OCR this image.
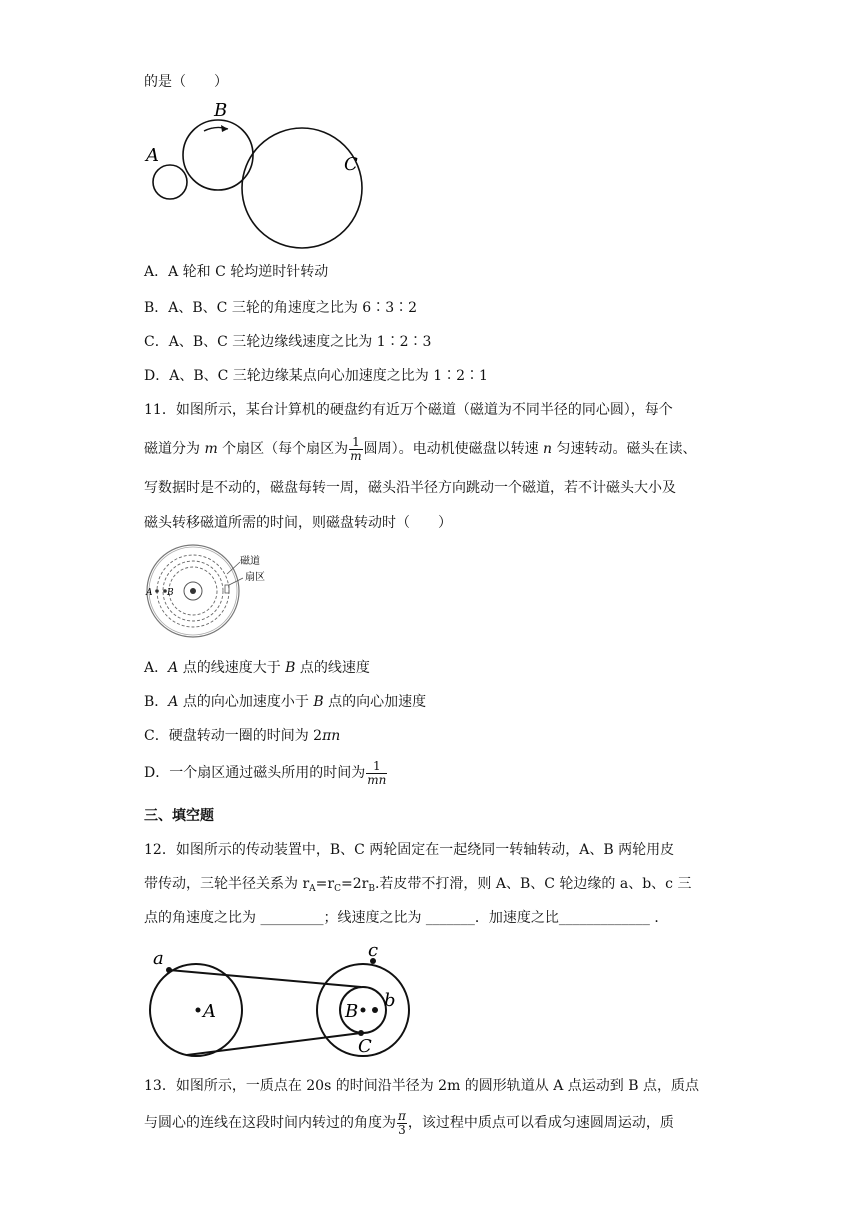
的是（　　）
A
B
C
A．A 轮和 C 轮均逆时针转动
B．A、B、C 三轮的角速度之比为 6∶3∶2
C．A、B、C 三轮边缘线速度之比为 1∶2∶3
D．A、B、C 三轮边缘某点向心加速度之比为 1∶2∶1
11．如图所示，某台计算机的硬盘约有近万个磁道（磁道为不同半径的同心圆），每个
磁道分为 m 个扇区（每个扇区为 $\frac{1}{m}$ 圆周）。电动机使磁盘以转速 n 匀速转动。磁头在读、
写数据时是不动的，磁盘每转一周，磁头沿半径方向跳动一个磁道，若不计磁头大小及
磁头转移磁道所需的时间，则磁盘转动时（　　）
磁道
扇区
A B
A．A 点的线速度大于 B 点的线速度
B．A 点的向心加速度小于 B 点的向心加速度
C．硬盘转动一圈的时间为 2πn
D．一个扇区通过磁头所用的时间为 $\frac{1}{mn}$
三、填空题
12．如图所示的传动装置中，B、C 两轮固定在一起绕同一转轴转动，A、B 两轮用皮
带传动，三轮半径关系为 $r_A=r_C=2r_B$.若皮带不打滑，则 A、B、C 轮边缘的 a、b、c 三
点的角速度之比为 _________；线速度之比为 _______．加速度之比_____________ ．
a
A
c
b
B
C
13．如图所示，一质点在 20s 的时间沿半径为 2m 的圆形轨道从 A 点运动到 B 点，质点
与圆心的连线在这段时间内转过的角度为 $\frac{\pi}{3}$ ，该过程中质点可以看成匀速圆周运动，质
